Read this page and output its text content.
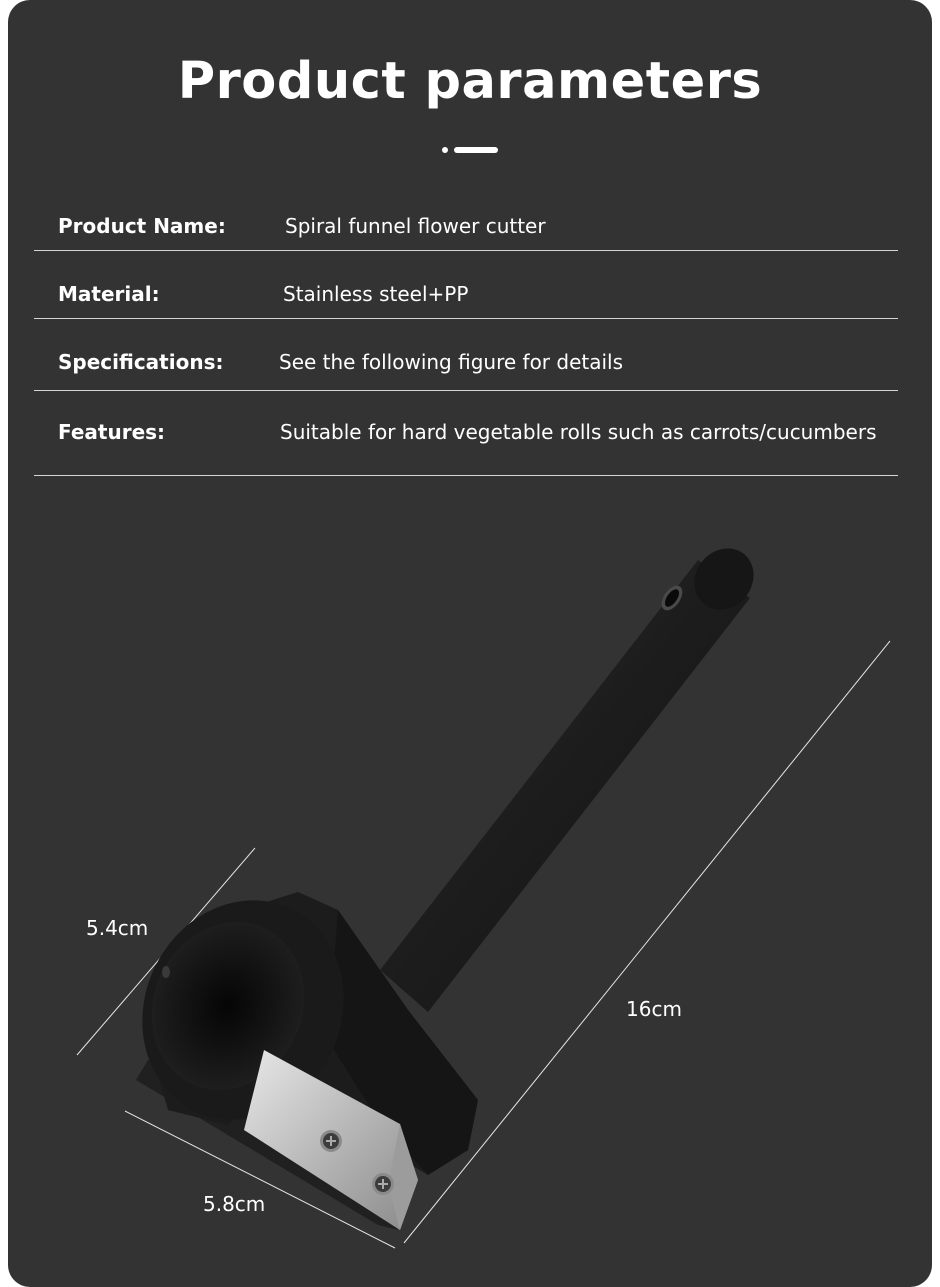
Product parameters
Product Name:	Spiral funnel flower cutter
Material:	Stainless steel+PP
Specifications:	See the following figure for details
Features:	Suitable for hard vegetable rolls such as carrots/cucumbers
5.4cm
16cm
5.8cm
